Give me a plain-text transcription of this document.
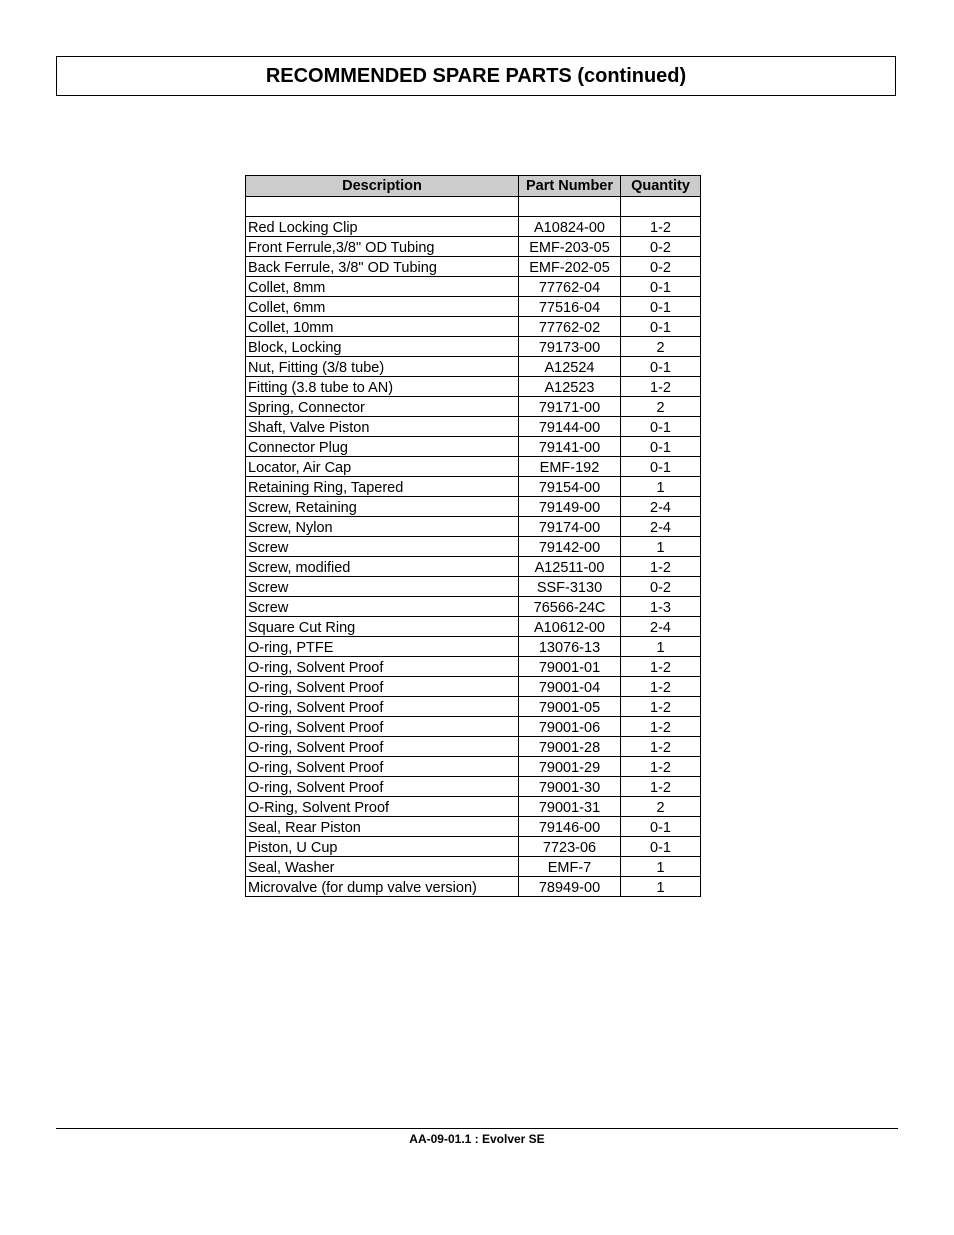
RECOMMENDED SPARE PARTS (continued)
Description	Part Number	Quantity

Red Locking Clip	A10824-00	1-2
Front Ferrule,3/8" OD Tubing	EMF-203-05	0-2
Back Ferrule, 3/8" OD Tubing	EMF-202-05	0-2
Collet, 8mm	77762-04	0-1
Collet, 6mm	77516-04	0-1
Collet, 10mm	77762-02	0-1
Block, Locking	79173-00	2
Nut, Fitting (3/8 tube)	A12524	0-1
Fitting (3.8 tube to AN)	A12523	1-2
Spring, Connector	79171-00	2
Shaft, Valve Piston	79144-00	0-1
Connector Plug	79141-00	0-1
Locator, Air Cap	EMF-192	0-1
Retaining Ring, Tapered	79154-00	1
Screw, Retaining	79149-00	2-4
Screw, Nylon	79174-00	2-4
Screw	79142-00	1
Screw, modified	A12511-00	1-2
Screw	SSF-3130	0-2
Screw	76566-24C	1-3
Square Cut Ring	A10612-00	2-4
O-ring, PTFE	13076-13	1
O-ring, Solvent Proof	79001-01	1-2
O-ring, Solvent Proof	79001-04	1-2
O-ring, Solvent Proof	79001-05	1-2
O-ring, Solvent Proof	79001-06	1-2
O-ring, Solvent Proof	79001-28	1-2
O-ring, Solvent Proof	79001-29	1-2
O-ring, Solvent Proof	79001-30	1-2
O-Ring, Solvent Proof	79001-31	2
Seal, Rear Piston	79146-00	0-1
Piston, U Cup	7723-06	0-1
Seal, Washer	EMF-7	1
Microvalve (for dump valve version)	78949-00	1
AA-09-01.1 : Evolver SE
